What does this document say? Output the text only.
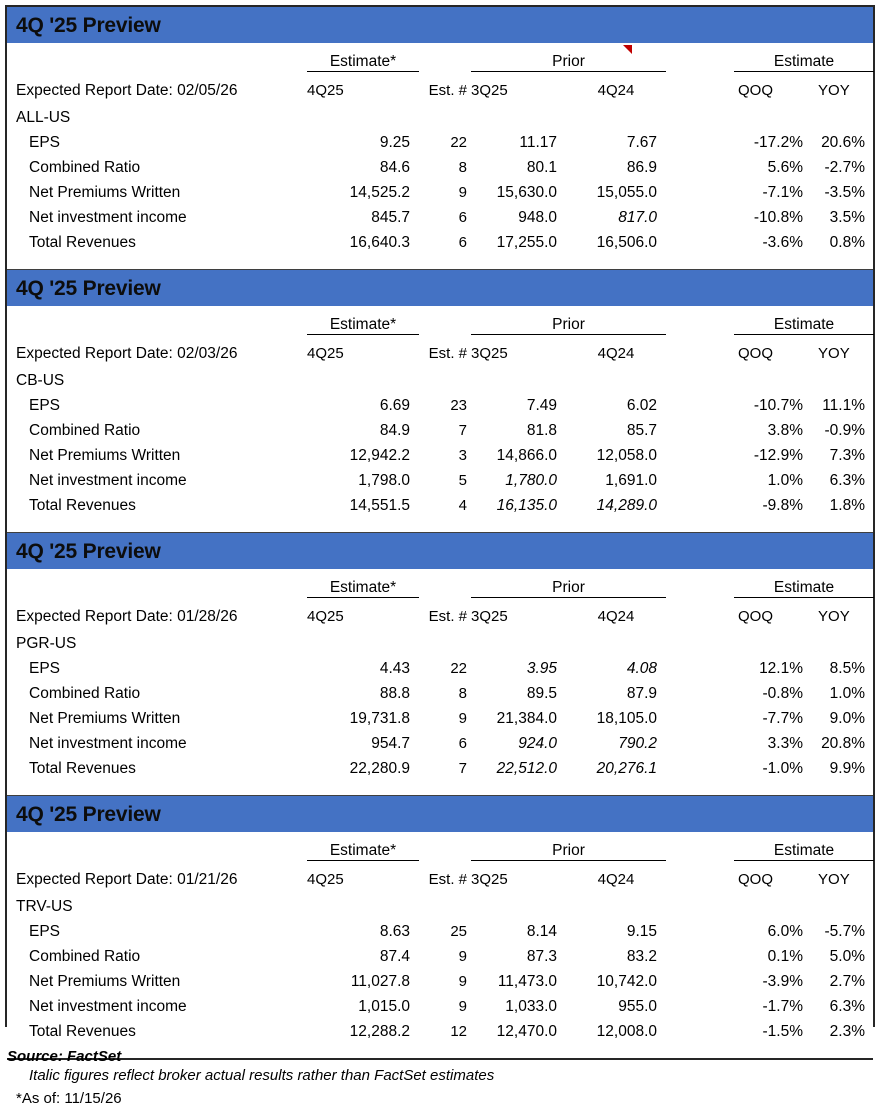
4Q '25 Preview
	Estimate*		Prior			Estimate	
Expected Report Date: 02/05/26	4Q25	Est. #	3Q25	4Q24		QOQ	YOY
ALL-US							
EPS	9.25	22	11.17	7.67		-17.2%	20.6%
Combined Ratio	84.6	8	80.1	86.9		5.6%	-2.7%
Net Premiums Written	14,525.2	9	15,630.0	15,055.0		-7.1%	-3.5%
Net investment income	845.7	6	948.0	817.0		-10.8%	3.5%
Total Revenues	16,640.3	6	17,255.0	16,506.0		-3.6%	0.8%

4Q '25 Preview
	Estimate*		Prior			Estimate	
Expected Report Date: 02/03/26	4Q25	Est. #	3Q25	4Q24		QOQ	YOY
CB-US							
EPS	6.69	23	7.49	6.02		-10.7%	11.1%
Combined Ratio	84.9	7	81.8	85.7		3.8%	-0.9%
Net Premiums Written	12,942.2	3	14,866.0	12,058.0		-12.9%	7.3%
Net investment income	1,798.0	5	1,780.0	1,691.0		1.0%	6.3%
Total Revenues	14,551.5	4	16,135.0	14,289.0		-9.8%	1.8%

4Q '25 Preview
	Estimate*		Prior			Estimate	
Expected Report Date: 01/28/26	4Q25	Est. #	3Q25	4Q24		QOQ	YOY
PGR-US							
EPS	4.43	22	3.95	4.08		12.1%	8.5%
Combined Ratio	88.8	8	89.5	87.9		-0.8%	1.0%
Net Premiums Written	19,731.8	9	21,384.0	18,105.0		-7.7%	9.0%
Net investment income	954.7	6	924.0	790.2		3.3%	20.8%
Total Revenues	22,280.9	7	22,512.0	20,276.1		-1.0%	9.9%

4Q '25 Preview
	Estimate*		Prior			Estimate	
Expected Report Date: 01/21/26	4Q25	Est. #	3Q25	4Q24		QOQ	YOY
TRV-US							
EPS	8.63	25	8.14	9.15		6.0%	-5.7%
Combined Ratio	87.4	9	87.3	83.2		0.1%	5.0%
Net Premiums Written	11,027.8	9	11,473.0	10,742.0		-3.9%	2.7%
Net investment income	1,015.0	9	1,033.0	955.0		-1.7%	6.3%
Total Revenues	12,288.2	12	12,470.0	12,008.0		-1.5%	2.3%

Italic figures reflect broker actual results rather than FactSet estimates
*As of: 11/15/26
Source: FactSet
